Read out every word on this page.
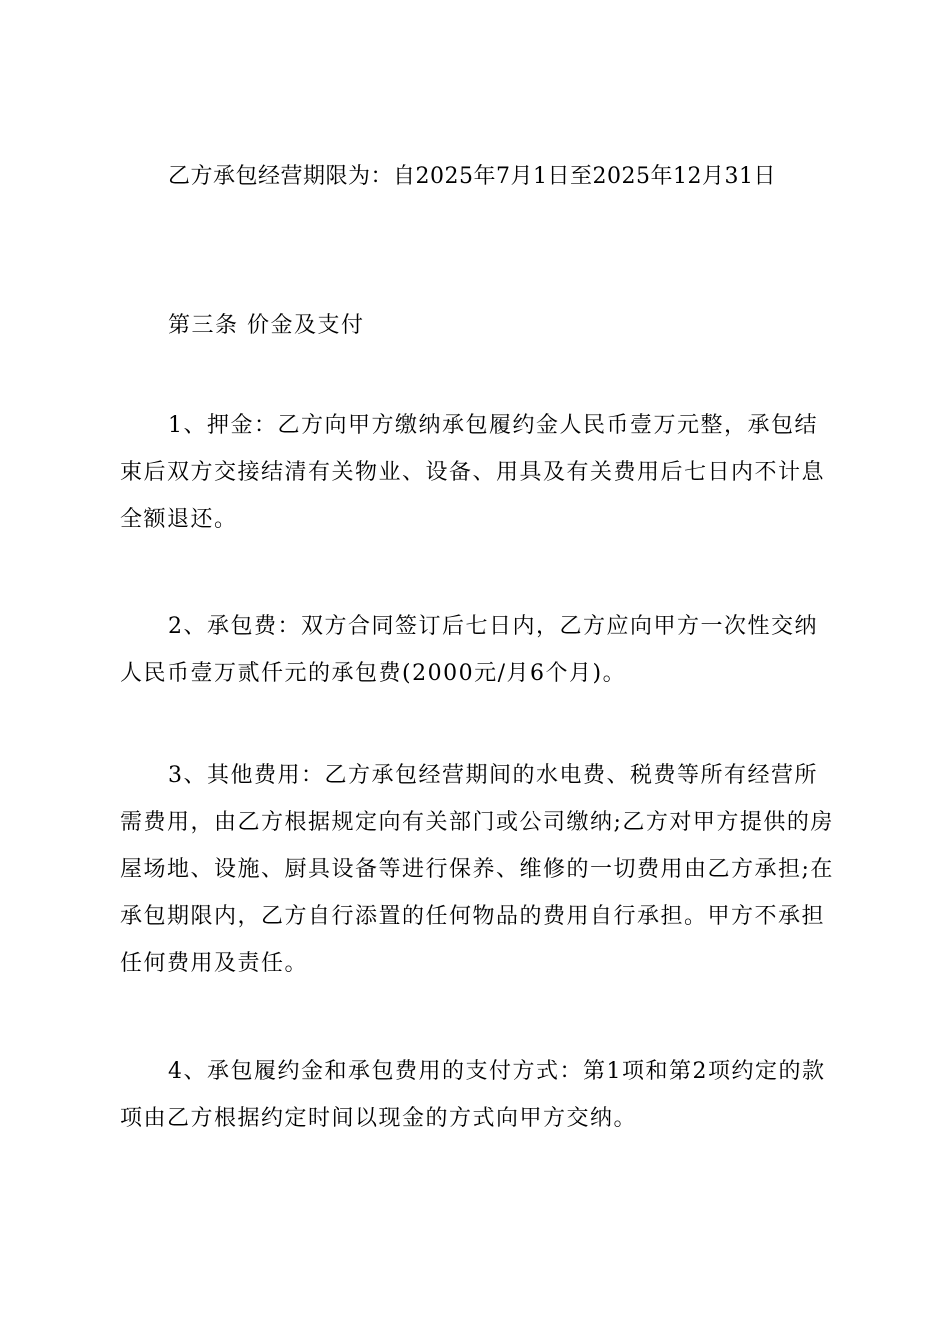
乙方承包经营期限为：自2025年7月1日至2025年12月31日

第三条 价金及支付

1、押金：乙方向甲方缴纳承包履约金人民币壹万元整，承包结束后双方交接结清有关物业、设备、用具及有关费用后七日内不计息全额退还。

2、承包费：双方合同签订后七日内，乙方应向甲方一次性交纳人民币壹万贰仟元的承包费(2000元/月6个月)。

3、其他费用：乙方承包经营期间的水电费、税费等所有经营所需费用，由乙方根据规定向有关部门或公司缴纳;乙方对甲方提供的房屋场地、设施、厨具设备等进行保养、维修的一切费用由乙方承担;在承包期限内，乙方自行添置的任何物品的费用自行承担。甲方不承担任何费用及责任。

4、承包履约金和承包费用的支付方式：第1项和第2项约定的款项由乙方根据约定时间以现金的方式向甲方交纳。
